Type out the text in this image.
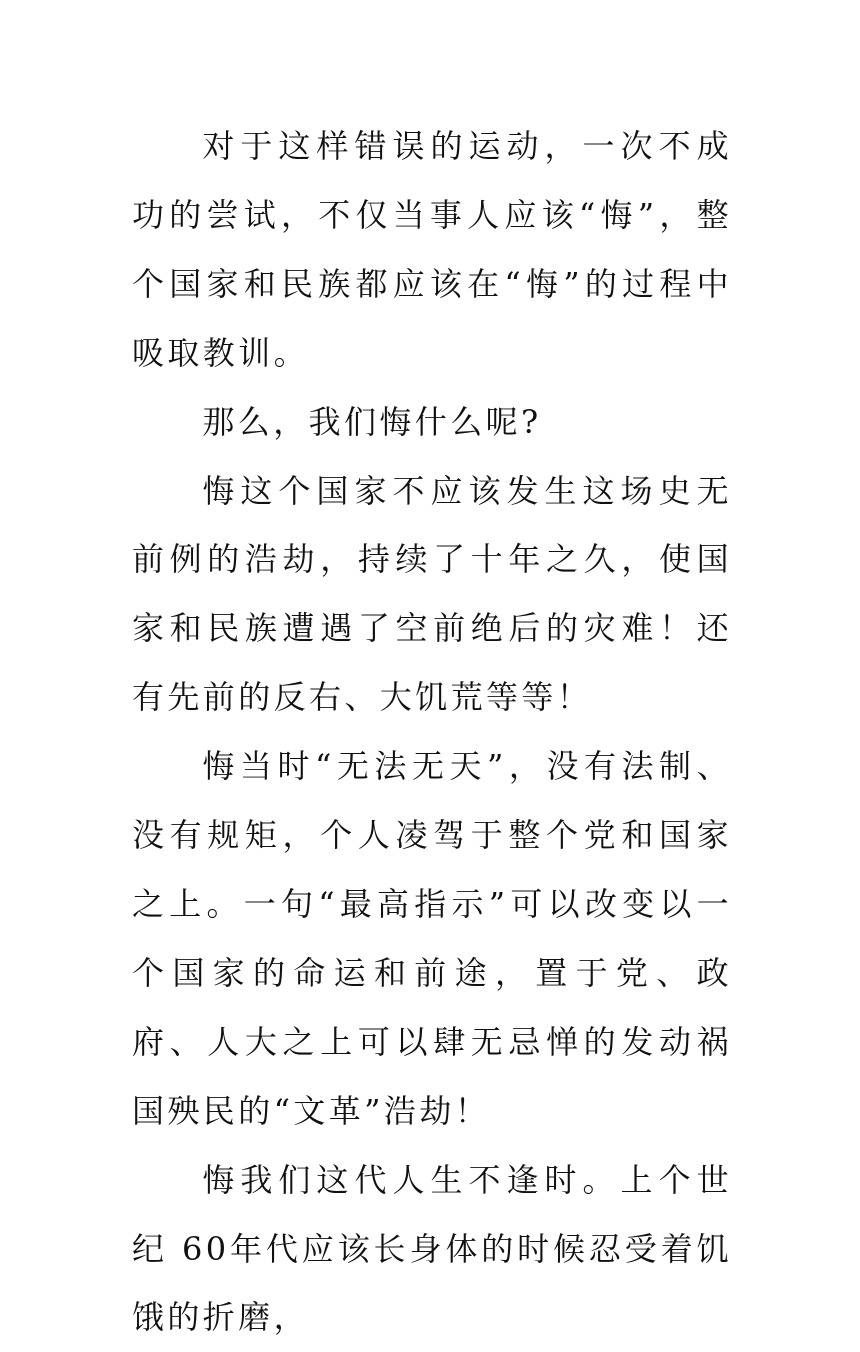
对于这样错误的运动，一次不成功的尝试，不仅当事人应该“悔”，整个国家和民族都应该在“悔”的过程中吸取教训。

那么，我们悔什么呢?

悔这个国家不应该发生这场史无前例的浩劫，持续了十年之久，使国家和民族遭遇了空前绝后的灾难！还有先前的反右、大饥荒等等！

悔当时“无法无天”，没有法制、没有规矩，个人凌驾于整个党和国家之上。一句“最高指示”可以改变以一个国家的命运和前途，置于党、政府、人大之上可以肆无忌惮的发动祸国殃民的“文革”浩劫！

悔我们这代人生不逢时。上个世纪 60年代应该长身体的时候忍受着饥饿的折磨，
